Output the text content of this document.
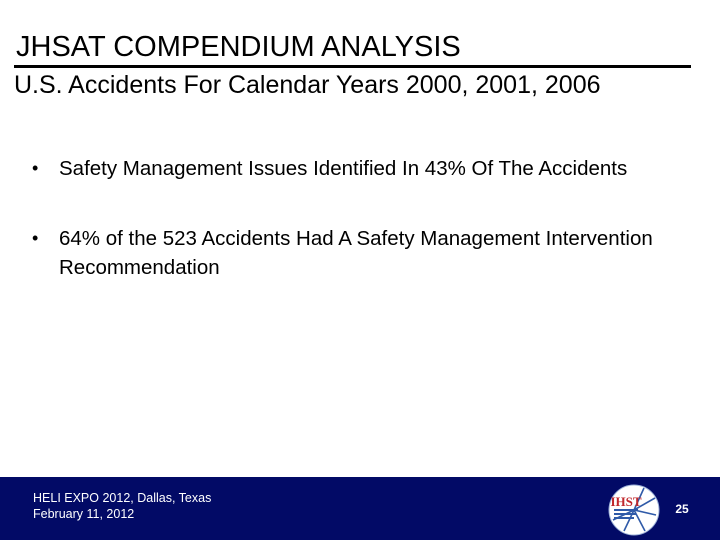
JHSAT COMPENDIUM ANALYSIS
U.S. Accidents For Calendar Years 2000, 2001, 2006
• Safety Management Issues Identified In 43% Of The Accidents
• 64% of the 523 Accidents Had A Safety Management Intervention Recommendation
HELI EXPO 2012, Dallas, Texas
February 11, 2012
IHST	25
